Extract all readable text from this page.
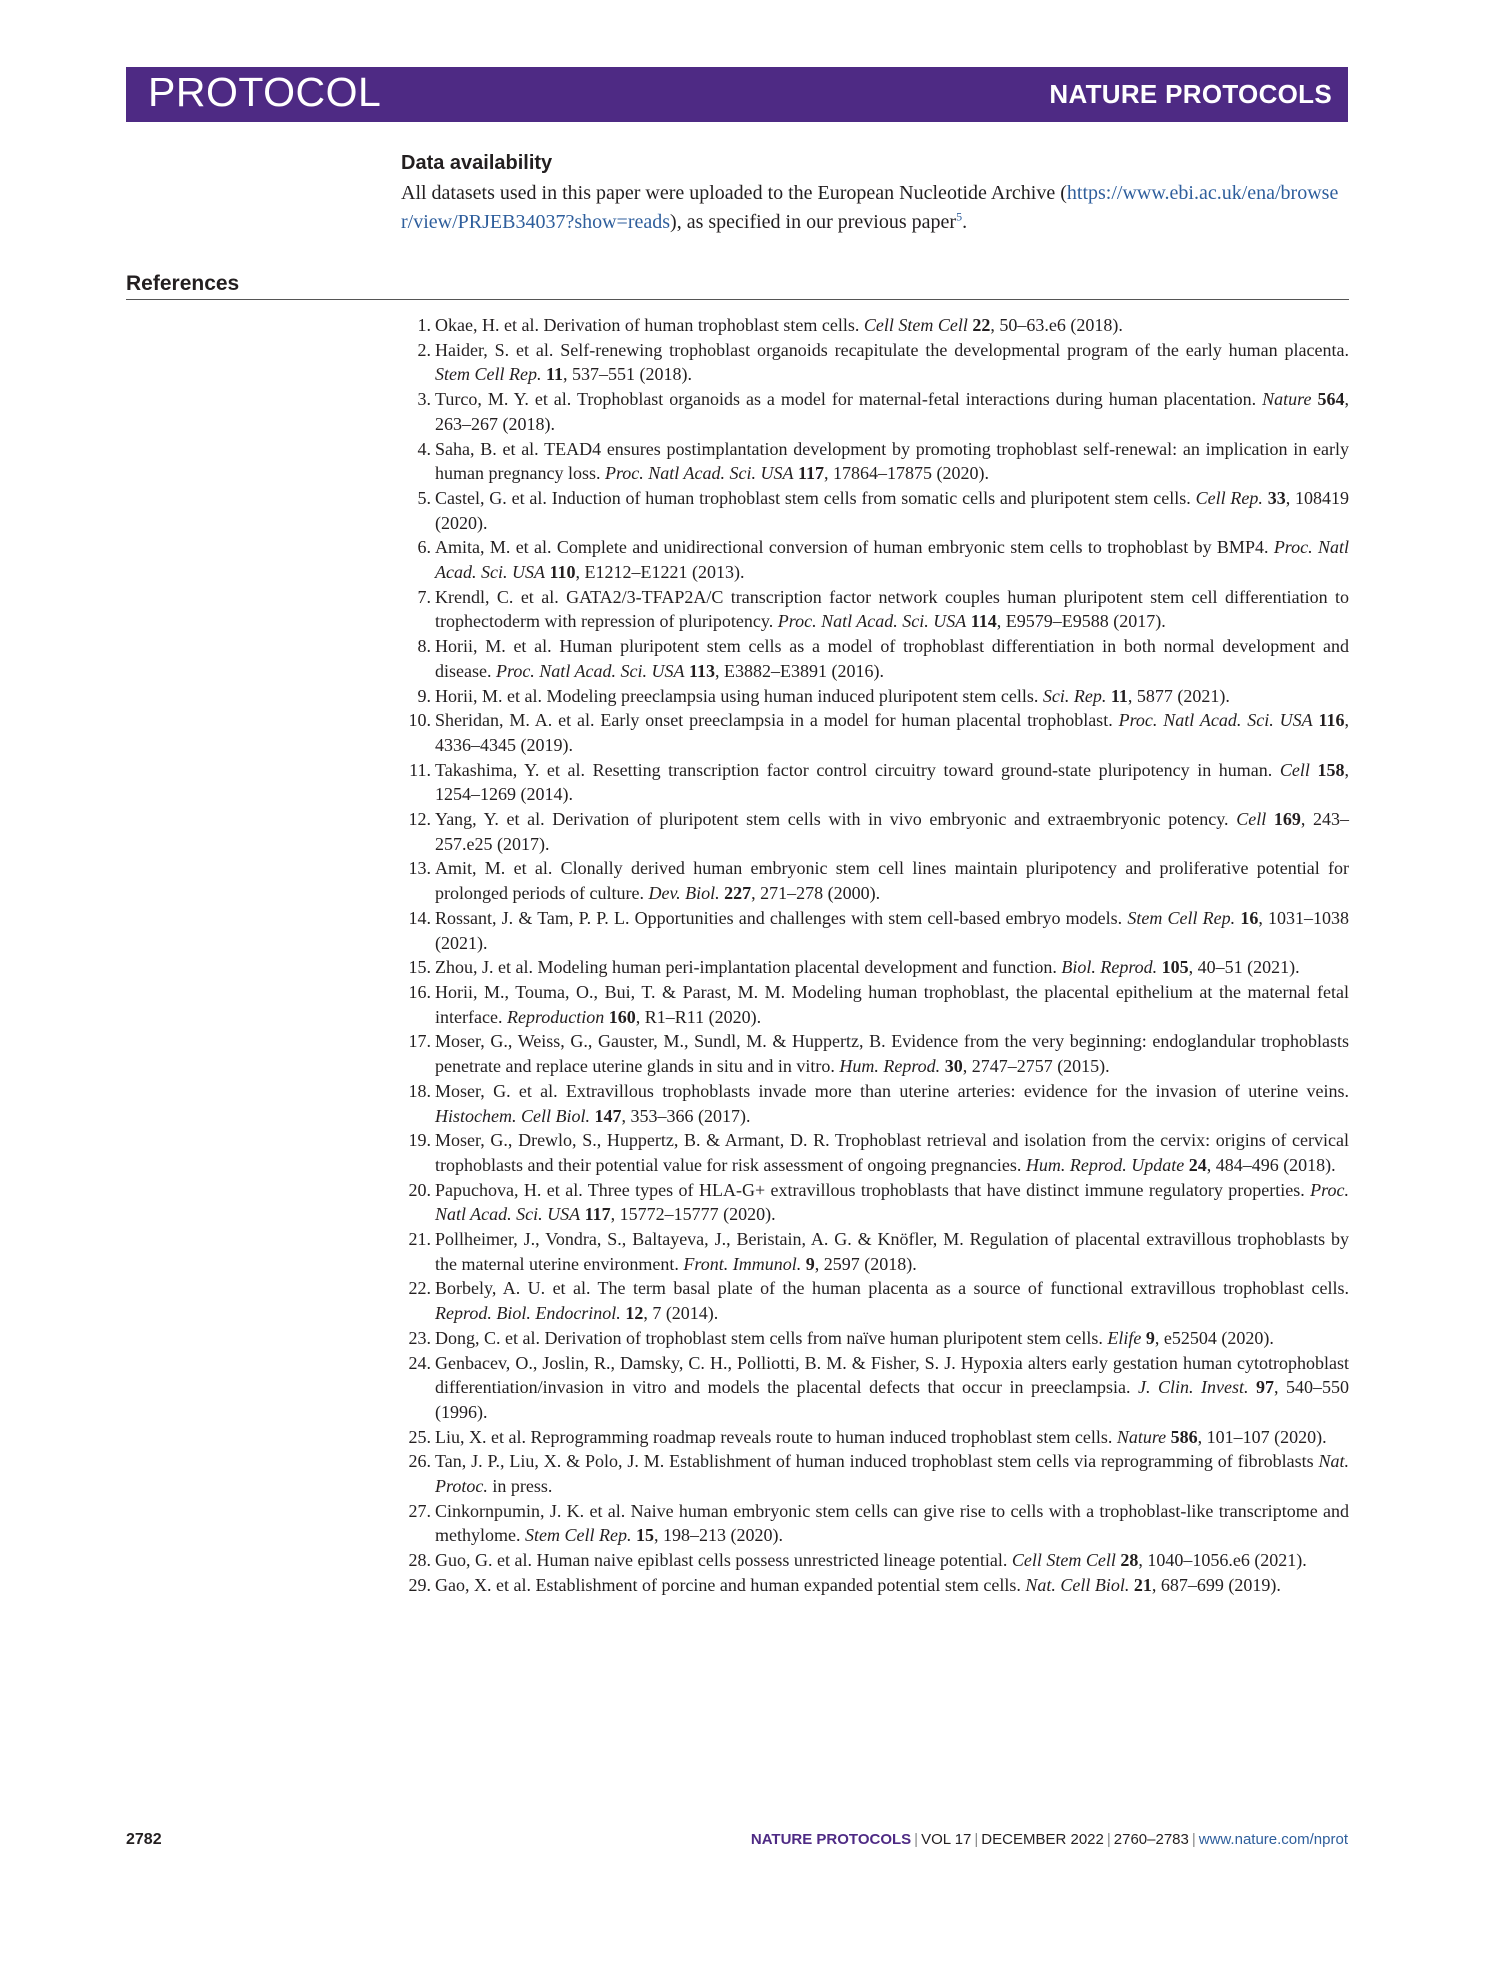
PROTOCOL	NATURE PROTOCOLS
Data availability
All datasets used in this paper were uploaded to the European Nucleotide Archive (https://www.ebi.ac.uk/ena/browser/view/PRJEB34037?show=reads), as specified in our previous paper$^5$.
References
1. Okae, H. et al. Derivation of human trophoblast stem cells. Cell Stem Cell 22, 50–63.e6 (2018).
2. Haider, S. et al. Self-renewing trophoblast organoids recapitulate the developmental program of the early human placenta. Stem Cell Rep. 11, 537–551 (2018).
3. Turco, M. Y. et al. Trophoblast organoids as a model for maternal-fetal interactions during human placentation. Nature 564, 263–267 (2018).
4. Saha, B. et al. TEAD4 ensures postimplantation development by promoting trophoblast self-renewal: an implication in early human pregnancy loss. Proc. Natl Acad. Sci. USA 117, 17864–17875 (2020).
5. Castel, G. et al. Induction of human trophoblast stem cells from somatic cells and pluripotent stem cells. Cell Rep. 33, 108419 (2020).
6. Amita, M. et al. Complete and unidirectional conversion of human embryonic stem cells to trophoblast by BMP4. Proc. Natl Acad. Sci. USA 110, E1212–E1221 (2013).
7. Krendl, C. et al. GATA2/3-TFAP2A/C transcription factor network couples human pluripotent stem cell differentiation to trophectoderm with repression of pluripotency. Proc. Natl Acad. Sci. USA 114, E9579–E9588 (2017).
8. Horii, M. et al. Human pluripotent stem cells as a model of trophoblast differentiation in both normal development and disease. Proc. Natl Acad. Sci. USA 113, E3882–E3891 (2016).
9. Horii, M. et al. Modeling preeclampsia using human induced pluripotent stem cells. Sci. Rep. 11, 5877 (2021).
10. Sheridan, M. A. et al. Early onset preeclampsia in a model for human placental trophoblast. Proc. Natl Acad. Sci. USA 116, 4336–4345 (2019).
11. Takashima, Y. et al. Resetting transcription factor control circuitry toward ground-state pluripotency in human. Cell 158, 1254–1269 (2014).
12. Yang, Y. et al. Derivation of pluripotent stem cells with in vivo embryonic and extraembryonic potency. Cell 169, 243–257.e25 (2017).
13. Amit, M. et al. Clonally derived human embryonic stem cell lines maintain pluripotency and proliferative potential for prolonged periods of culture. Dev. Biol. 227, 271–278 (2000).
14. Rossant, J. & Tam, P. P. L. Opportunities and challenges with stem cell-based embryo models. Stem Cell Rep. 16, 1031–1038 (2021).
15. Zhou, J. et al. Modeling human peri-implantation placental development and function. Biol. Reprod. 105, 40–51 (2021).
16. Horii, M., Touma, O., Bui, T. & Parast, M. M. Modeling human trophoblast, the placental epithelium at the maternal fetal interface. Reproduction 160, R1–R11 (2020).
17. Moser, G., Weiss, G., Gauster, M., Sundl, M. & Huppertz, B. Evidence from the very beginning: endoglandular trophoblasts penetrate and replace uterine glands in situ and in vitro. Hum. Reprod. 30, 2747–2757 (2015).
18. Moser, G. et al. Extravillous trophoblasts invade more than uterine arteries: evidence for the invasion of uterine veins. Histochem. Cell Biol. 147, 353–366 (2017).
19. Moser, G., Drewlo, S., Huppertz, B. & Armant, D. R. Trophoblast retrieval and isolation from the cervix: origins of cervical trophoblasts and their potential value for risk assessment of ongoing pregnancies. Hum. Reprod. Update 24, 484–496 (2018).
20. Papuchova, H. et al. Three types of HLA-G+ extravillous trophoblasts that have distinct immune regulatory properties. Proc. Natl Acad. Sci. USA 117, 15772–15777 (2020).
21. Pollheimer, J., Vondra, S., Baltayeva, J., Beristain, A. G. & Knöfler, M. Regulation of placental extravillous trophoblasts by the maternal uterine environment. Front. Immunol. 9, 2597 (2018).
22. Borbely, A. U. et al. The term basal plate of the human placenta as a source of functional extravillous trophoblast cells. Reprod. Biol. Endocrinol. 12, 7 (2014).
23. Dong, C. et al. Derivation of trophoblast stem cells from naïve human pluripotent stem cells. Elife 9, e52504 (2020).
24. Genbacev, O., Joslin, R., Damsky, C. H., Polliotti, B. M. & Fisher, S. J. Hypoxia alters early gestation human cytotrophoblast differentiation/invasion in vitro and models the placental defects that occur in preeclampsia. J. Clin. Invest. 97, 540–550 (1996).
25. Liu, X. et al. Reprogramming roadmap reveals route to human induced trophoblast stem cells. Nature 586, 101–107 (2020).
26. Tan, J. P., Liu, X. & Polo, J. M. Establishment of human induced trophoblast stem cells via reprogramming of fibroblasts Nat. Protoc. in press.
27. Cinkornpumin, J. K. et al. Naive human embryonic stem cells can give rise to cells with a trophoblast-like transcriptome and methylome. Stem Cell Rep. 15, 198–213 (2020).
28. Guo, G. et al. Human naive epiblast cells possess unrestricted lineage potential. Cell Stem Cell 28, 1040–1056.e6 (2021).
29. Gao, X. et al. Establishment of porcine and human expanded potential stem cells. Nat. Cell Biol. 21, 687–699 (2019).
2782	NATURE PROTOCOLS | VOL 17 | DECEMBER 2022 | 2760–2783 | www.nature.com/nprot
